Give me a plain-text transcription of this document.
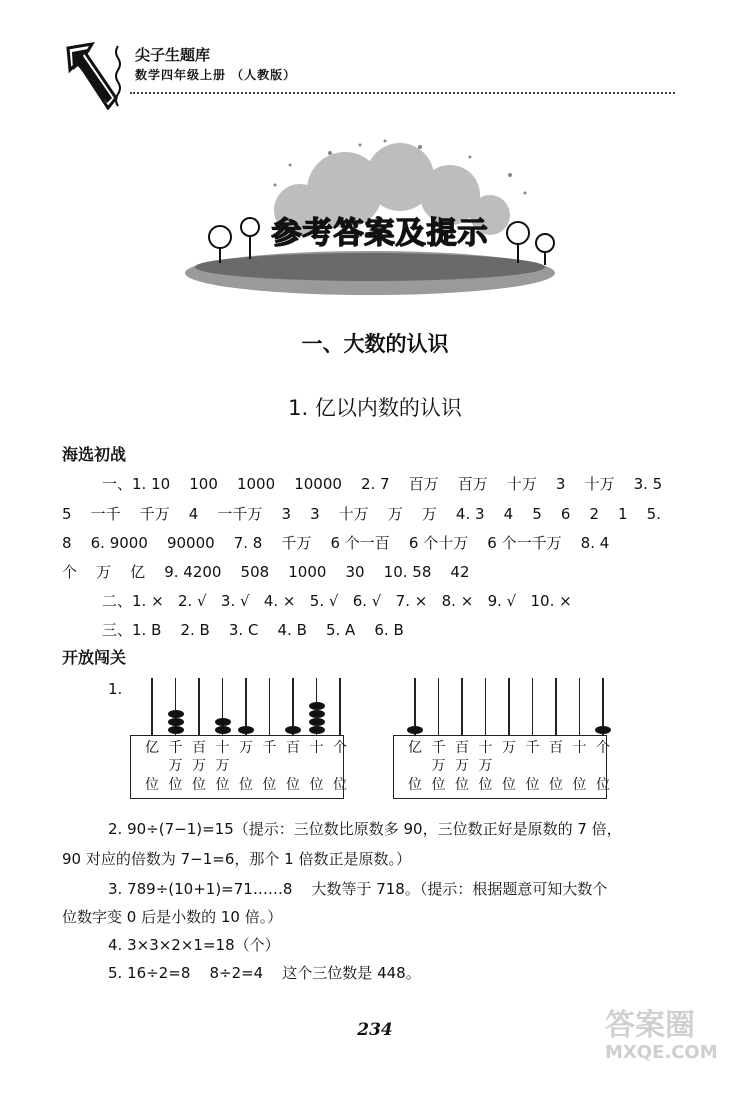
尖子生题库
数学四年级上册 （人教版）
参考答案及提示
一、大数的认识
1. 亿以内数的认识
海选初战
一、1. 10    100    1000    10000    2. 7    百万    百万    十万    3    十万    3. 5
5    一千    千万    4    一千万    3    3    十万    万    万    4. 3    4    5    6    2    1    5.
8    6. 9000    90000    7. 8    千万    6 个一百    6 个十万    6 个一千万    8. 4
个    万    亿    9. 4200    508    1000    30    10. 58    42
二、1. ×   2. √   3. √   4. ×   5. √   6. √   7. ×   8. ×   9. √   10. ×
三、1. B    2. B    3. C    4. B    5. A    6. B
开放闯关
1.
亿
位
千
万
位
百
万
位
十
万
位
万
位
千
位
百
位
十
位
个
位
亿
位
千
万
位
百
万
位
十
万
位
万
位
千
位
百
位
十
位
个
位
2. 90÷(7−1)=15（提示：三位数比原数多 90，三位数正好是原数的 7 倍，
90 对应的倍数为 7−1=6，那个 1 倍数正是原数。）
3. 789÷(10+1)=71……8    大数等于 718。（提示：根据题意可知大数个
位数字变 0 后是小数的 10 倍。）
4. 3×3×2×1=18（个）
5. 16÷2=8    8÷2=4    这个三位数是 448。
234	答案圈
MXQE.COM
